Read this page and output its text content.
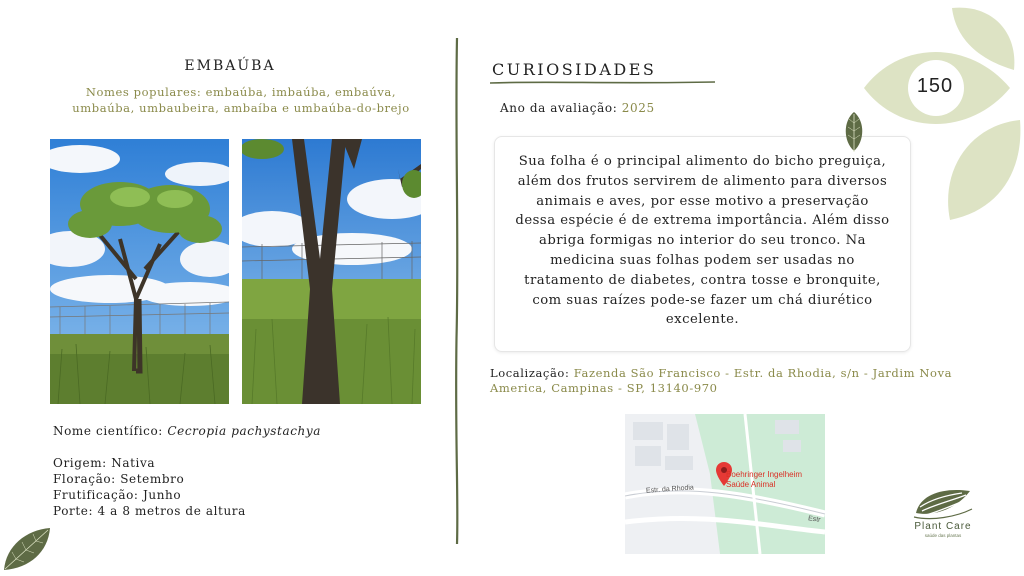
EMBAÚBA
Nomes populares: embaúba, imbaúba, embaúva, umbaúba, umbaubeira, ambaíba e umbaúba-do-brejo
Nome científico: Cecropia pachystachya
Origem: Nativa
Floração: Setembro
Frutificação: Junho
Porte: 4 a 8 metros de altura
CURIOSIDADES
Ano da avaliação: 2025
Sua folha é o principal alimento do bicho preguiça, além dos frutos servirem de alimento para diversos animais e aves, por esse motivo a preservação dessa espécie é de extrema importância. Além disso abriga formigas no interior do seu tronco. Na medicina suas folhas podem ser usadas no tratamento de diabetes, contra tosse e bronquite, com suas raízes pode-se fazer um chá diurético excelente.
Localização: Fazenda São Francisco - Estr. da Rhodia, s/n - Jardim Nova America, Campinas - SP, 13140-970
Boehringer Ingelheim
Saúde Animal
Estr. da Rhodia
Estr
150
Plant Care
saúde das plantas
